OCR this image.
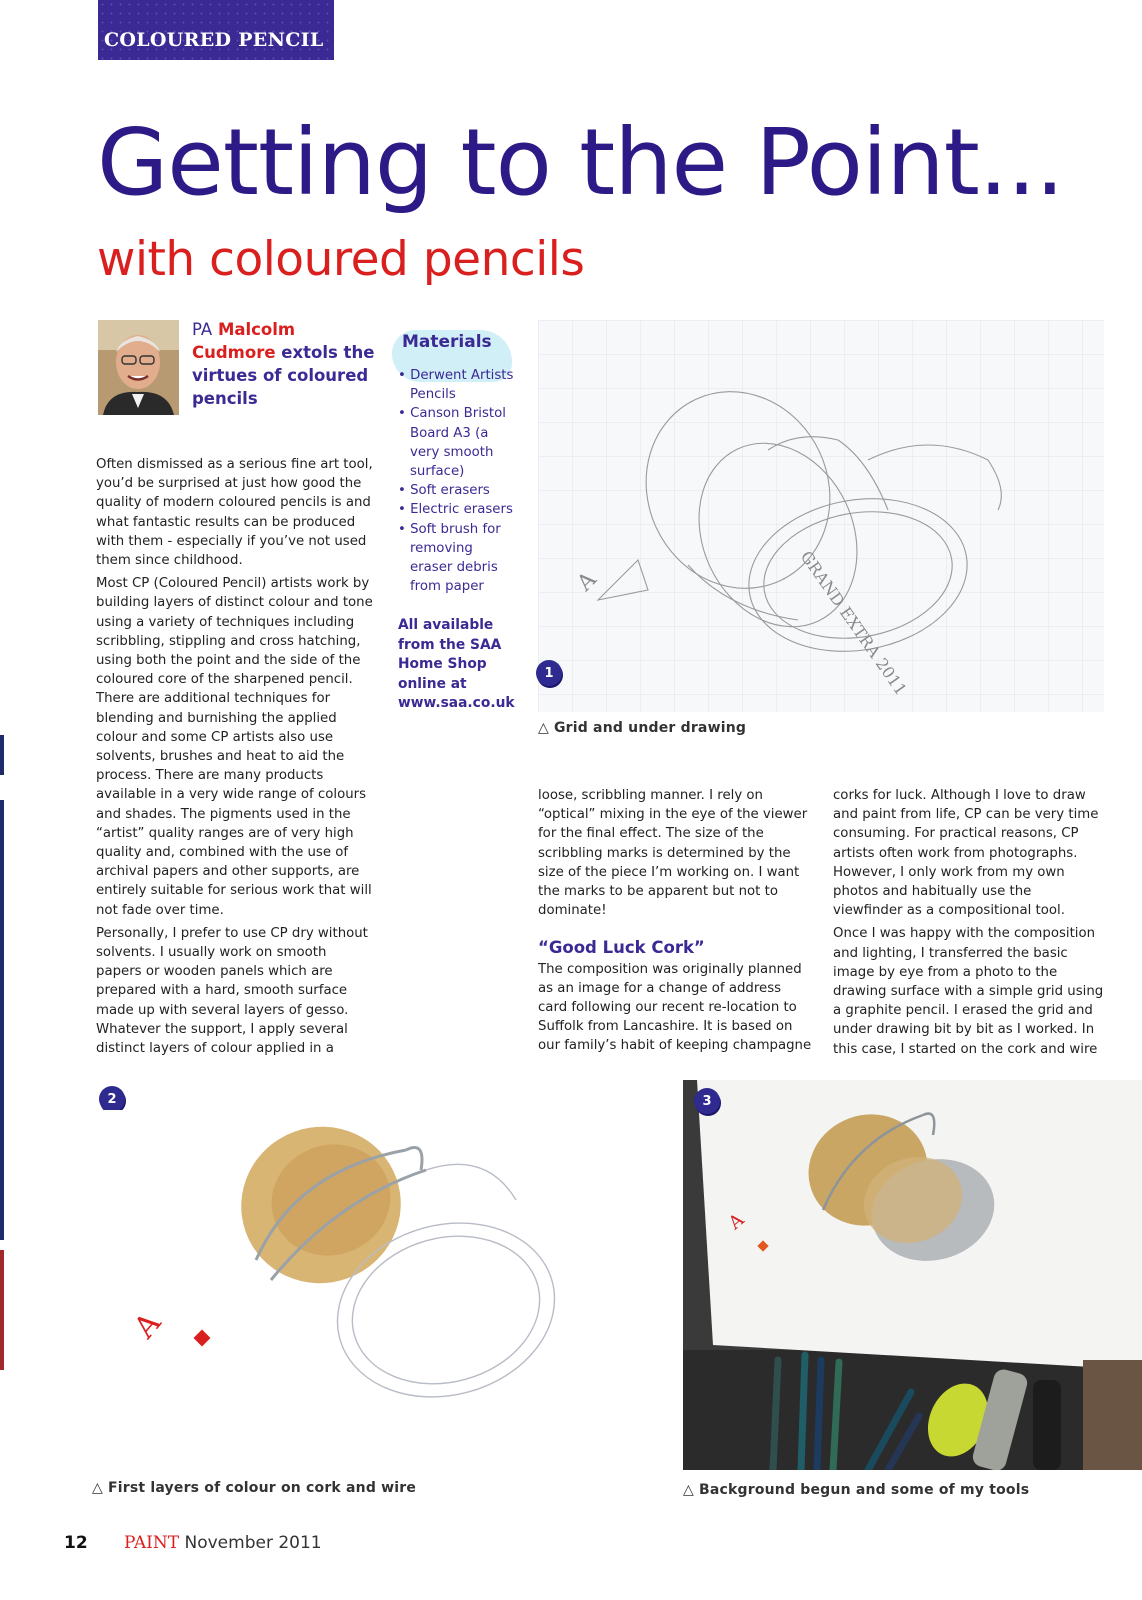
COLOURED PENCIL
Getting to the Point...
with coloured pencils
PA Malcolm Cudmore extols the virtues of coloured pencils

Often dismissed as a serious fine art tool, you’d be surprised at just how good the quality of modern coloured pencils is and what fantastic results can be produced with them - especially if you’ve not used them since childhood.

Most CP (Coloured Pencil) artists work by building layers of distinct colour and tone using a variety of techniques including scribbling, stippling and cross hatching, using both the point and the side of the coloured core of the sharpened pencil. There are additional techniques for blending and burnishing the applied colour and some CP artists also use solvents, brushes and heat to aid the process. There are many products available in a very wide range of colours and shades. The pigments used in the “artist” quality ranges are of very high quality and, combined with the use of archival papers and other supports, are entirely suitable for serious work that will not fade over time.

Personally, I prefer to use CP dry without solvents. I usually work on smooth papers or wooden panels which are prepared with a hard, smooth surface made up with several layers of gesso. Whatever the support, I apply several distinct layers of colour applied in a

Materials
• Derwent Artists Pencils
• Canson Bristol Board A3 (a very smooth surface)
• Soft erasers
• Electric erasers
• Soft brush for removing eraser debris from paper
All available from the SAA Home Shop online at www.saa.co.uk
GRAND EXTRA 2011
A
1
△ Grid and under drawing

loose, scribbling manner. I rely on “optical” mixing in the eye of the viewer for the final effect. The size of the scribbling marks is determined by the size of the piece I’m working on. I want the marks to be apparent but not to dominate!

“Good Luck Cork”

The composition was originally planned as an image for a change of address card following our recent re-location to Suffolk from Lancashire. It is based on our family’s habit of keeping champagne

corks for luck. Although I love to draw and paint from life, CP can be very time consuming. For practical reasons, CP artists often work from photographs. However, I only work from my own photos and habitually use the viewfinder as a compositional tool.

Once I was happy with the composition and lighting, I transferred the basic image by eye from a photo to the drawing surface with a simple grid using a graphite pencil. I erased the grid and under drawing bit by bit as I worked. In this case, I started on the cork and wire

2
A
△ First layers of colour on cork and wire
A
3
△ Background begun and some of my tools
12 PAINT November 2011
